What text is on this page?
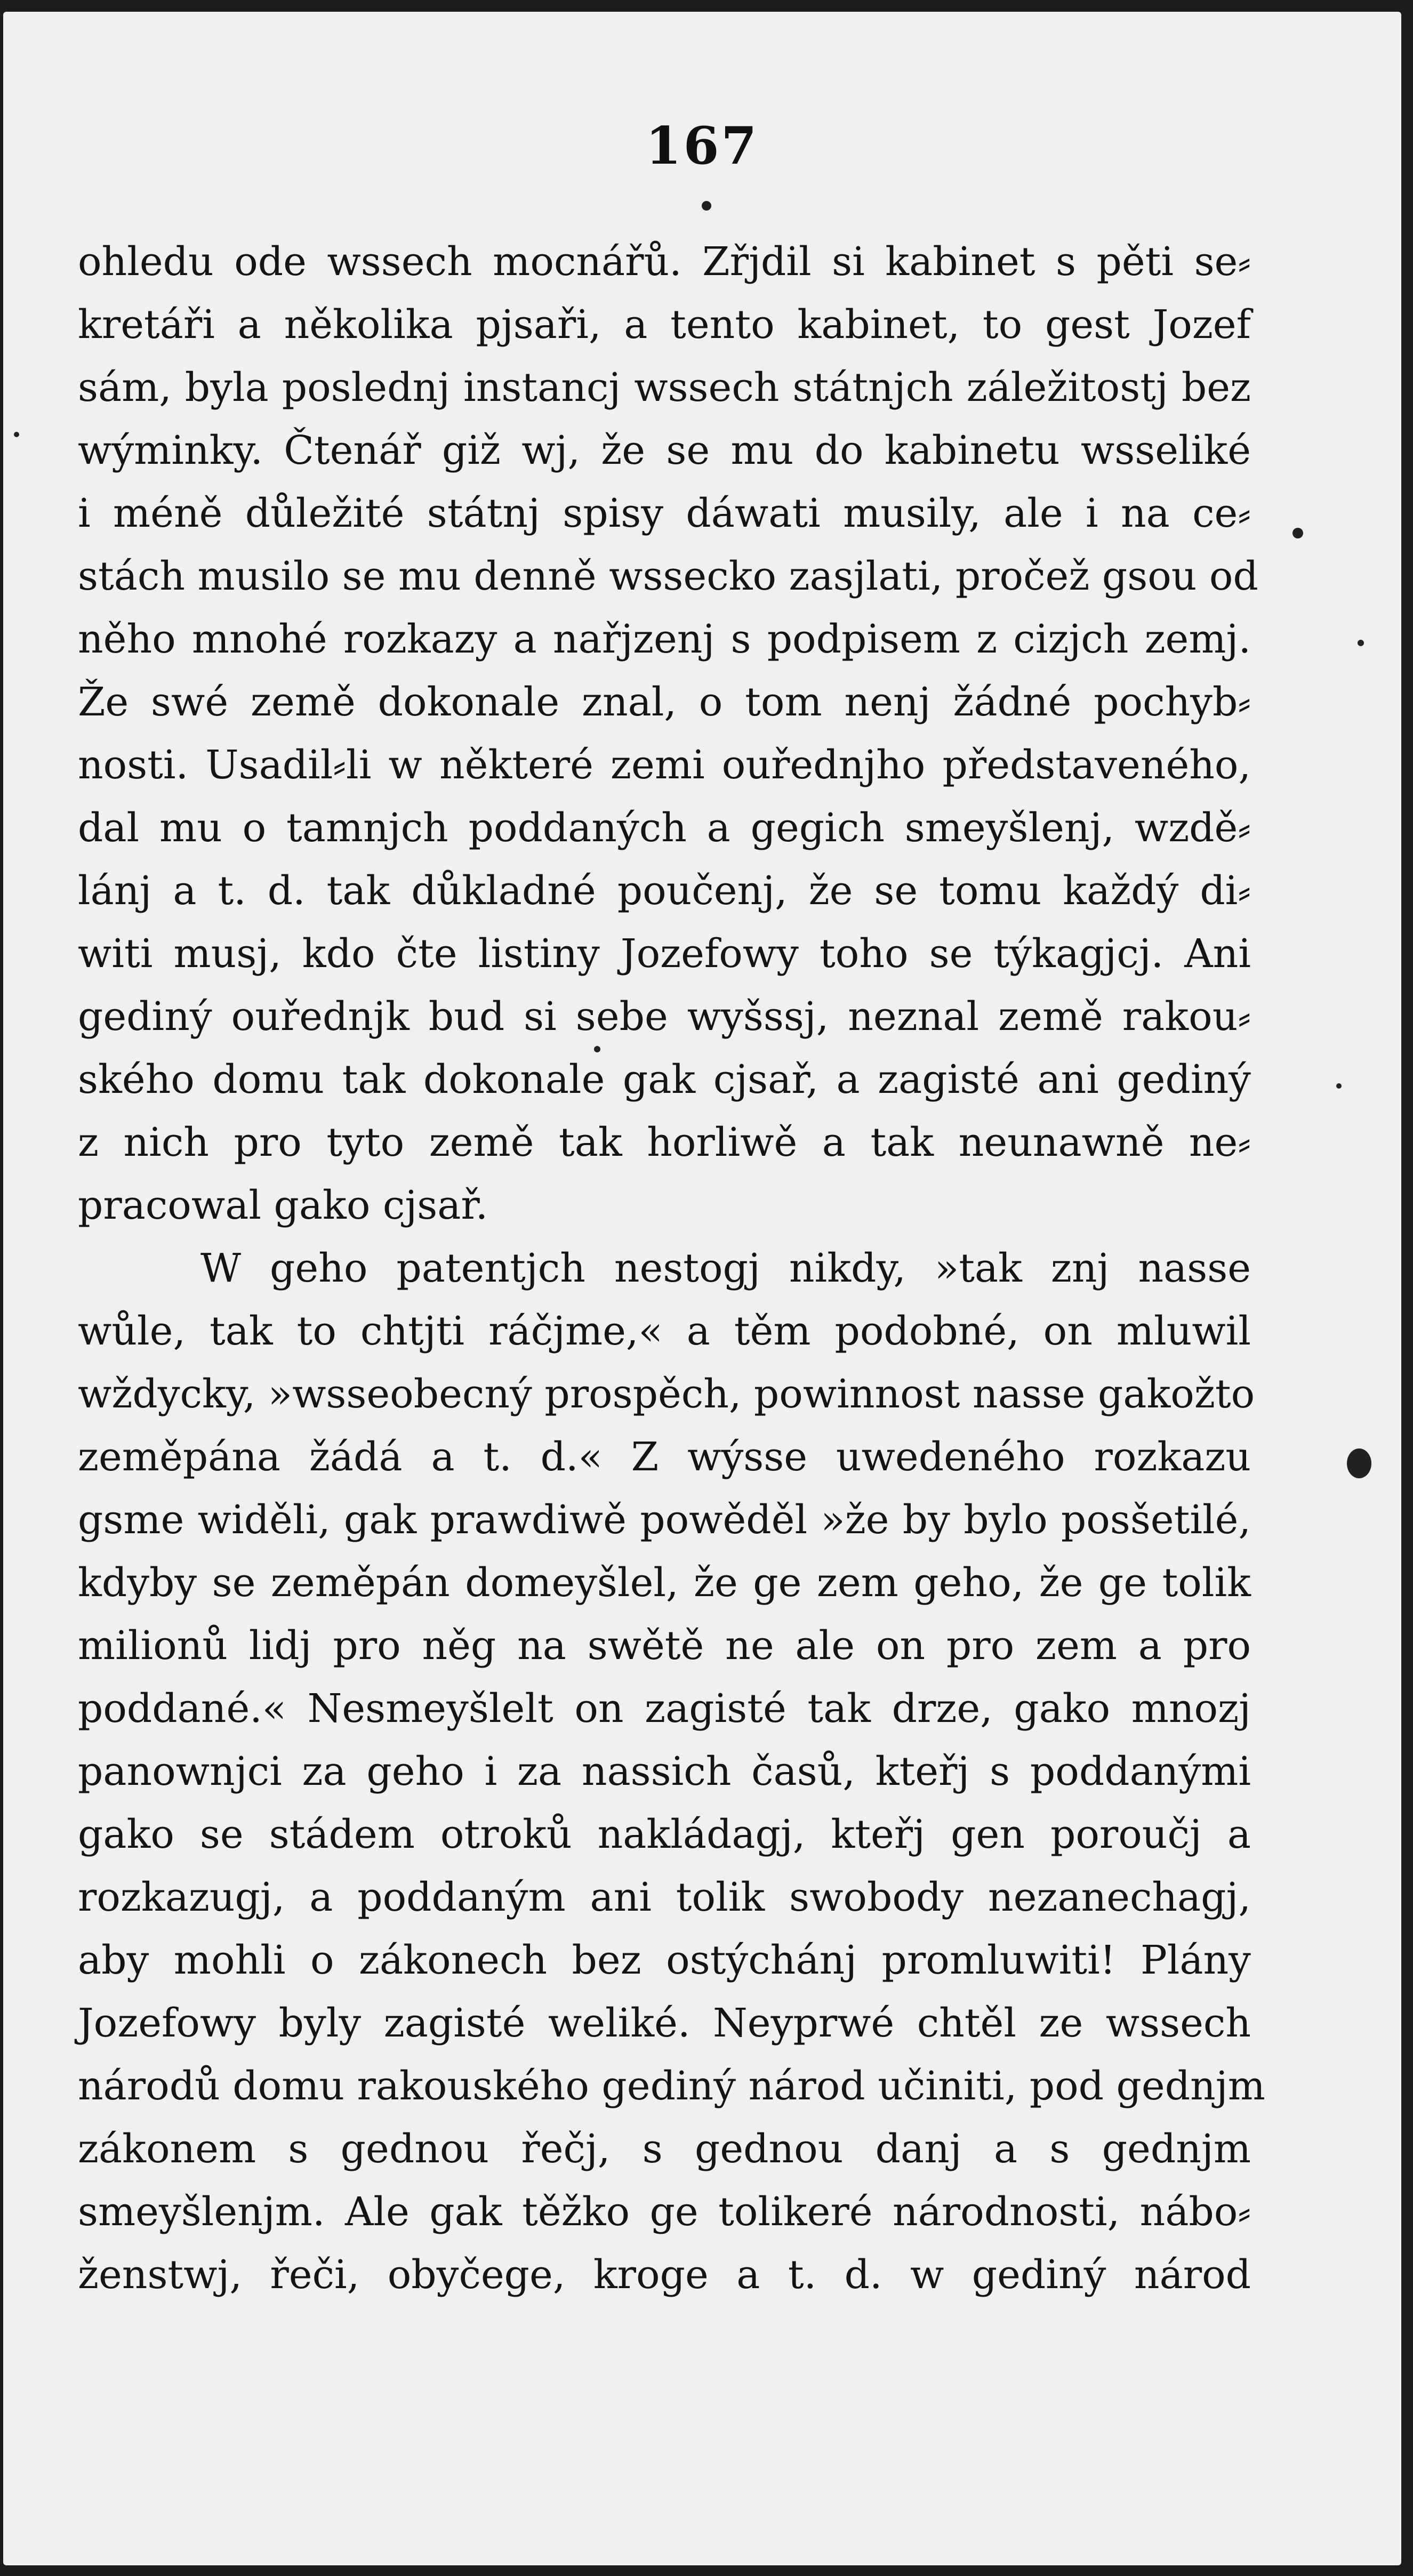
167
ohledu ode wssech mocnářů. Zřjdil si kabinet s pěti se⸗
kretáři a několika pjsaři, a tento kabinet, to gest Jozef
sám, byla poslednj instancj wssech státnjch záležitostj bez
wýminky. Čtenář giž wj, že se mu do kabinetu wsseliké
i méně důležité státnj spisy dáwati musily, ale i na ce⸗
stách musilo se mu denně wssecko zasjlati, pročež gsou od
něho mnohé rozkazy a nařjzenj s podpisem z cizjch zemj.
Že swé země dokonale znal, o tom nenj žádné pochyb⸗
nosti. Usadil⸗li w některé zemi ouřednjho představeného,
dal mu o tamnjch poddaných a gegich smeyšlenj, wzdě⸗
lánj a t. d. tak důkladné poučenj, že se tomu každý di⸗
witi musj, kdo čte listiny Jozefowy toho se týkagjcj. Ani
gediný ouřednjk bud si sebe wyšssj, neznal země rakou⸗
ského domu tak dokonale gak cjsař, a zagisté ani gediný
z nich pro tyto země tak horliwě a tak neunawně ne⸗
pracowal gako cjsař.
W geho patentjch nestogj nikdy, »tak znj nasse
wůle, tak to chtjti ráčjme,« a těm podobné, on mluwil
wždycky, »wsseobecný prospěch, powinnost nasse gakožto
zeměpána žádá a t. d.« Z wýsse uwedeného rozkazu
gsme widěli, gak prawdiwě powěděl »že by bylo posšetilé,
kdyby se zeměpán domeyšlel, že ge zem geho, že ge tolik
milionů lidj pro něg na swětě ne ale on pro zem a pro
poddané.« Nesmeyšlelt on zagisté tak drze, gako mnozj
panownjci za geho i za nassich časů, kteřj s poddanými
gako se stádem otroků nakládagj, kteřj gen poroučj a
rozkazugj, a poddaným ani tolik swobody nezanechagj,
aby mohli o zákonech bez ostýchánj promluwiti! Plány
Jozefowy byly zagisté weliké. Neyprwé chtěl ze wssech
národů domu rakouského gediný národ učiniti, pod gednjm
zákonem s gednou řečj, s gednou danj a s gednjm
smeyšlenjm. Ale gak těžko ge tolikeré národnosti, nábo⸗
ženstwj, řeči, obyčege, kroge a t. d. w gediný národ
